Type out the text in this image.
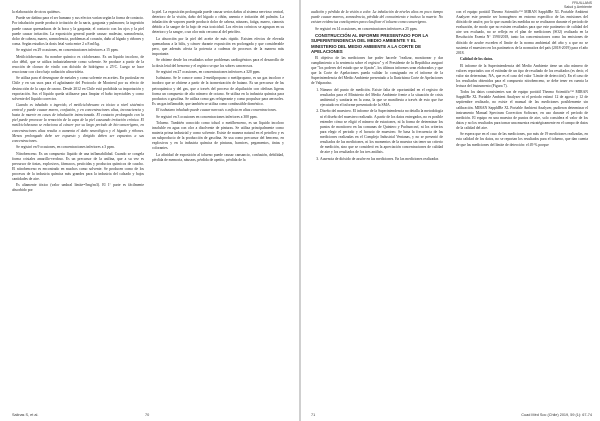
la elaboración de otros quiténos.

Puede ser dañino para el ser humano y sus efectos varían según la forma de contacto. Por inhalación puede producir irritación de la nariz, garganta y pulmones; la ingestión puede causar quemaduras de la boca y la garganta; el contacto con los ojos y la piel puede causar irritación. La exposición general puede causar: malestar, somnolencia, dolor de cabeza, mareo, somnolencia, problemas al corazón, daño al hígado y riñones y coma. Según estudios la dosis letal varía entre 2 a 8 ml/kg.

Se registró en 29 ocasiones, en concentraciones inferiores a 15 ppm.

Metilciclohexano. Su nombre químico es ciclohexano. Es un líquido incoloro, de olor débil, que se utiliza industrialmente como solvente. Se produce a partir de la reacción de cloruro de vinilo con dióxido de hidrógeno a 25ºC. Luego se hace reaccionar con cloro bajo radiación ultravioleta.

Se utiliza para el desengrase de metales y como solvente en aceites. En particular en Chile y en sus usos para el aglutinante del Protocolo de Montreal por su efecto de destrucción de la capa de ozono. Desde 2012 en Chile está prohibida su importación y exportación. Sus el líquido queda utilizarse para limpiar el baño inyectables y como solvente del líquido corrector.

Cuando es inhalado o ingerido, el metilciclohexano es tóxico a nivel sistémico central y puede causar mareo, confusión, y en concentraciones altas, inconsciencia y hasta la muerte en casos de inhalación intencionada. El contacto prolongado con la piel puede provocar la remoción de la capa de la piel causando irritación crónica. El metilciclohexano se relaciona al cáncer por su largo período de bio-cancerígeno, en concentraciones altas resulta o aumenta el daño neurológico y el hígado y riñones. Menos prolongado debe ser expuesto y dirigido deben ser expuestos a sus concentraciones.

Se registró en 9 ocasiones, en concentraciones inferiores a 3 ppm.

Nitrobenceno. Es un compuesto líquido de una inflamabilidad. Cuando se congela forma cristales amarillo-verdoso. Es un precursor de la anilina, que a su vez es precursor de tintas, explosivos, fármacos, pesticidas y productos químicos de caucho. El nitrobenceno es encontrado en muchos como solvente. Se producen como de los procesos de la industria química más grandes para la industria del calzado y bajos cantidades de aire.

Es altamente tóxico (valor umbral límite=5mg/m3). El 1º parte es fácilmente absorbido por

la piel. La exposición prolongada puede causar serios daños al sistema nervioso central, deterioro de la visión, daño del hígado o riñón, anemia e irritación del pulmón. La inhalación de vapores puede producir dolor de cabeza, náuseas, fatiga, mareo, cianosis debido a la sangre de la bajo de esta toxicidad. Los efectos crónicos se agrupan en su deterioro y la sangre, o un olor más cercano al del petróleo.

La absorción por la piel del aceite de más rápido. Existen efectos de elevada quemaduras a la bilis, y cáncer durante exposición en prolongada y que considerable pero, que además afecta la potencia a cadenas de procesos de la manera más importante.

Se obtiene desde los resultados sobre problemas cardiogénicos para el desarrollo de la dosis letal del benceno y el registro se que los sobres cancerosos.

Se registró en 27 ocasiones, en concentraciones inferiores a 320 ppm.

Isobutano. Se le conoce como 2-metilpropano o metilpropano, es un gas incoloro e inodoro que se obtiene a partir de la isomerización de butano. Es un precursor de las petroquímica y del gas, que a través del proceso de alquilación con olefinas ligeras forma un compuesto de alto número de octano. Se utiliza en la industria química para productos o gasolina. Se utiliza como gas refrigerante y como propulsor para aerosoles. Es un gas inflamable, que también se utiliza como combustible doméstico.

El isobutano inhalado puede causar narcosis o asfixia en altas concentraciones.

Se registró en 3 ocasiones en concentraciones inferiores a 300 ppm.

Tolueno. También conocido como toluol o metilbenceno, es un líquido incoloro insoluble en agua con olor a disolvente de pinturas. Se utiliza principalmente como materia prima industrial y como solvente. Existe de manera natural en el petróleo y es un subproducto de la producción de gasolina. Se usa como precursor del benceno, en explosivos y en la industria química de pinturas, barnices, pegamentos, tintas y colorantes.

La afinidad de exposición al tolueno puede causar cansancio, confusión, debilidad, pérdida de memoria, náuseas, pérdida de apetito, pérdida de la

Salinas S, et al.	70
FRUILLANS
Salud y Ambiente

audición y pérdida de la visión a color. La inhalación de niveles altos en poco tiempo puede causar mareos, somnolencia, pérdida del conocimiento e incluso la muerte. No existen evidencias concluyentes para clasificar el tolueno como cancerígeno.

Se registró en 14 ocasiones, en concentraciones inferiores a 25 ppm.

CONSTRUCCIÓN AL INFORME PRESENTADO POR LA SUPERINTENDENCIA DEL MEDIO AMBIENTE Y EL MINISTERIO DEL MEDIO AMBIENTE A LA CORTE DE APELACIONES

El objetivo de las mediciones fue poder hacerle "realizar, monitorear y dar cumplimiento a la sentencia sobre el registro" y el Presidente de la República aseguró que "los poderes del estado que se fijarán", los últimos informes sean elaborados y que que la Corte de Apelaciones pueda validar lo consignado en el informe de la Superintendencia del Medio Ambiente presentado a la Ilustrísima Corte de Apelaciones de Valparaíso.

1. Número del punto de medición. Existe falta de oportunidad en el registro de resultados para el Ministerio del Medio Ambiente frente a la situación de crisis ambiental y sanitaria en la zona, la que se manifiesta a través de esto que fue ejecutado en el informe presentado de la SMA.
2. Diseño del muestreo. El informe de la Superintendencia no detalla la metodología ni el diseño del muestreo realizado. A partir de los datos entregados, no es posible entender cómo se eligió el número de estaciones, ni la forma de determinar los puntos de monitoreo en las comunas de Quintero y Puchuncaví, ni los criterios para elegir el periodo y el horario de muestreo. Se basa la frecuencia de las mediciones realizadas en el Complejo Industrial Ventanas, y no se presentó de resultados de las mediciones, ni los momentos de la muestra sin tener un criterio de medición, sino que se consideró en la apreciación concentraciones de calidad de aire y los resultados de los tres análisis.
3. Ausencia de dióxido de azufre en las mediciones. En las mediciones realizadas

con el equipo portátil Thermo Scientific™ MIRAN SapphIRe XL Portable Ambient Analyzer este permite ser homogéneo en entorno específico de las emisiones del dióxido de azufre, por lo que cuando las medidas no se realizaron durante el periodo de evaluación, de modo que no existen resultados para que este parámetro de calidad del aire sea evaluado, no se refleja en el plan de mediciones (SO2) realizada en la Resolución Exenta Nº 1590/2018, tanto las concentraciones como las emisiones de dióxido de azufre exceden el límite de la norma ambiental del año y a que no se sustenta el muestreo en los parámetros de la normativa del país (2018-2019) para el año 2018.

Calidad de los datos.

El informe de la Superintendencia del Medio Ambiente tiene un alto número de valores reportados con el estándar de un tipo de resultado de los resultados (es decir, el valor sin determinar, NA, que es el caso del valor 'Límite de detección'). En el caso de los resultados obtenidos para el compuesto nitrobenceno, se debe tener en cuenta la lectura del instrumento (Figura 7).

Todos los datos consistentes son de equipo portátil Thermo Scientific™ MIRAN SapphIRe XL Portable Ambient Analyzer ni el período estimó 12 de agosto y 12 de septiembre realizado, no existe el manual de las mediciones posiblemente sin calibración. MIRAN SapphIRe XL Portable Ambient Analyzer, pudieron determinar el instrumento Manual Spectrum Correction Software, en uso durante el período de medición. El equipo en una muestra de puntos de aire, solo considera el valor de los datos y no los resultados para tomar una muestra estratégicamente en el campo de datos de la calidad del aire.

Se espera que en el caso de las mediciones, por más de 19 mediciones realizadas, en esta calidad de los datos, no se reportan los resultados para el tolueno, que dan cuenta de que las mediciones del límite de detección: el 49 % porque

71	Cuad Méd Soc (Chile) 2019, 59 (1): 67-74
